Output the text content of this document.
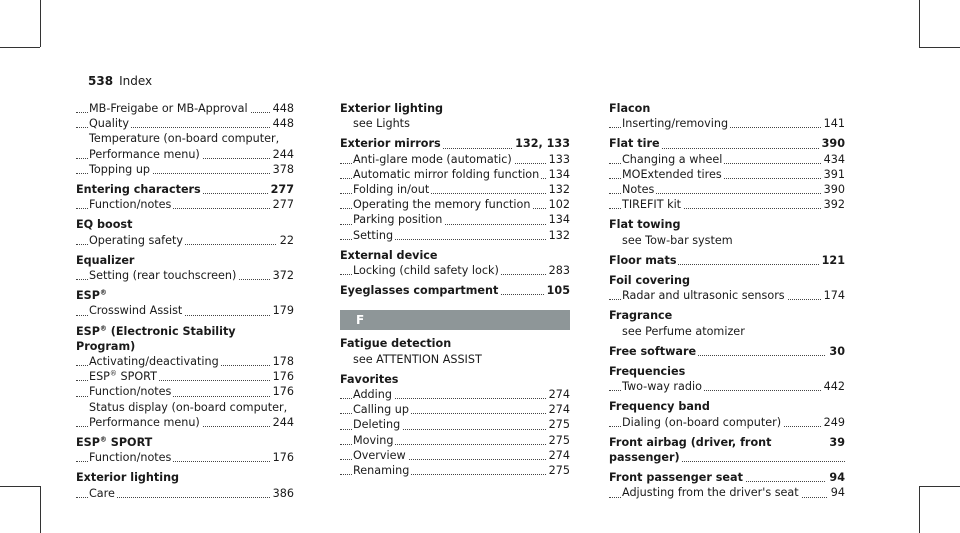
538 Index
MB-Freigabe or MB-Approval 448
Quality	448
Temperature (on-board computer,
Performance menu)	244
Topping up	378
Entering characters	277
Function/notes	277
EQ boost
Operating safety	22
Equalizer
Setting (rear touchscreen)	372
ESP®
Crosswind Assist	179
ESP® (Electronic Stability Program)
Activating/deactivating	178
ESP® SPORT	176
Function/notes	176
Status display (on-board computer,
Performance menu)	244
ESP® SPORT
Function/notes	176
Exterior lighting
Care	386
Exterior lighting
see Lights
Exterior mirrors	132, 133
Anti-glare mode (automatic)	133
Automatic mirror folding function 134
Folding in/out	132
Operating the memory function 102
Parking position	134
Setting	132
External device
Locking (child safety lock)	283
Eyeglasses compartment	105
F
Fatigue detection
see ATTENTION ASSIST
Favorites
Adding	274
Calling up	274
Deleting	275
Moving	275
Overview	274
Renaming	275
Flacon
Inserting/removing	141
Flat tire	390
Changing a wheel	434
MOExtended tires	391
Notes	390
TIREFIT kit	392
Flat towing
see Tow-bar system
Floor mats	121
Foil covering
Radar and ultrasonic sensors	174
Fragrance
see Perfume atomizer
Free software	30
Frequencies
Two-way radio	442
Frequency band
Dialing (on-board computer)	249
Front airbag (driver, front passenger)
39
Front passenger seat	94
Adjusting from the driver's seat	94
